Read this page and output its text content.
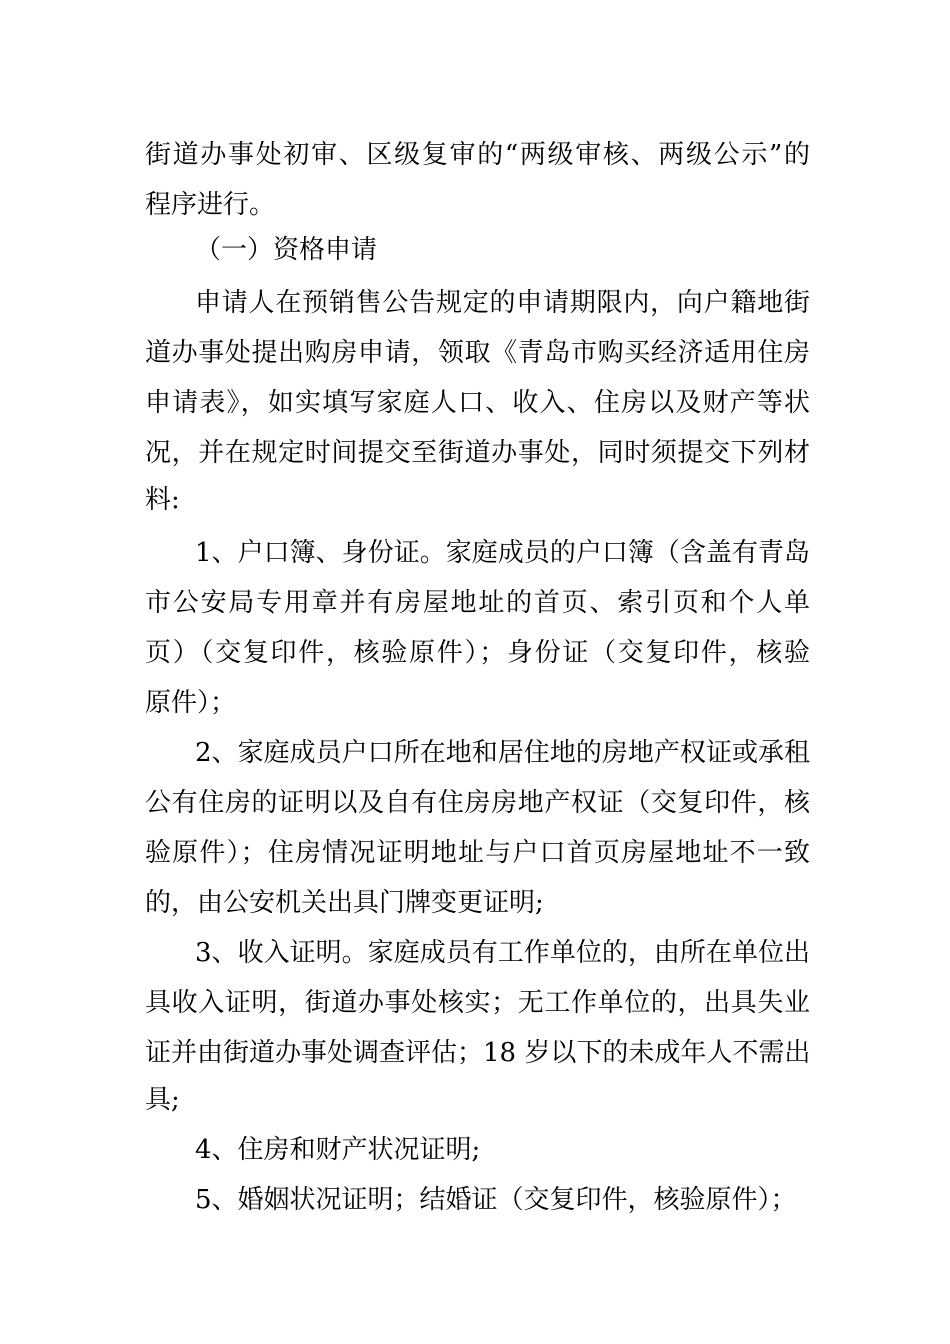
街道办事处初审、区级复审的“两级审核、两级公示”的
程序进行。
（一）资格申请
申请人在预销售公告规定的申请期限内，向户籍地街
道办事处提出购房申请，领取《青岛市购买经济适用住房
申请表》，如实填写家庭人口、收入、住房以及财产等状
况，并在规定时间提交至街道办事处，同时须提交下列材
料:
1、户口簿、身份证。家庭成员的户口簿（含盖有青岛
市公安局专用章并有房屋地址的首页、索引页和个人单
页）（交复印件，核验原件）；身份证（交复印件，核验
原件）；
2、家庭成员户口所在地和居住地的房地产权证或承租
公有住房的证明以及自有住房房地产权证（交复印件，核
验原件）；住房情况证明地址与户口首页房屋地址不一致
的，由公安机关出具门牌变更证明;
3、收入证明。家庭成员有工作单位的，由所在单位出
具收入证明，街道办事处核实；无工作单位的，出具失业
证并由街道办事处调查评估；18 岁以下的未成年人不需出
具;
4、住房和财产状况证明;
5、婚姻状况证明；结婚证（交复印件，核验原件）；
